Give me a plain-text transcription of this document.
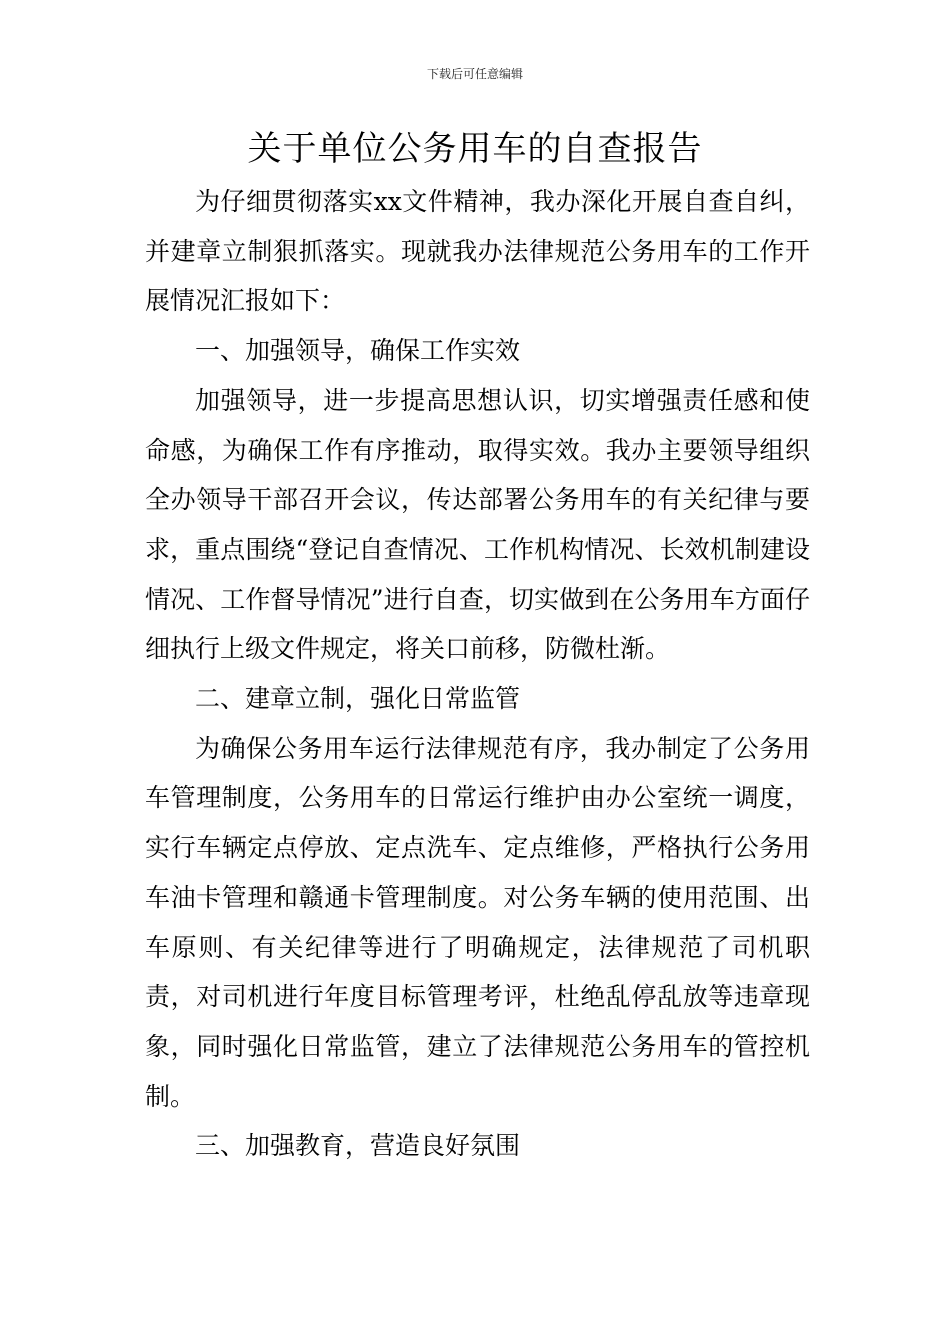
下载后可任意编辑
关于单位公务用车的自查报告

为仔细贯彻落实xx文件精神，我办深化开展自查自纠，并建章立制狠抓落实。现就我办法律规范公务用车的工作开展情况汇报如下：

一、加强领导，确保工作实效

加强领导，进一步提高思想认识，切实增强责任感和使命感，为确保工作有序推动，取得实效。我办主要领导组织全办领导干部召开会议，传达部署公务用车的有关纪律与要求，重点围绕“登记自查情况、工作机构情况、长效机制建设情况、工作督导情况”进行自查，切实做到在公务用车方面仔细执行上级文件规定，将关口前移，防微杜渐。

二、建章立制，强化日常监管

为确保公务用车运行法律规范有序，我办制定了公务用车管理制度，公务用车的日常运行维护由办公室统一调度，实行车辆定点停放、定点洗车、定点维修，严格执行公务用车油卡管理和赣通卡管理制度。对公务车辆的使用范围、出车原则、有关纪律等进行了明确规定，法律规范了司机职责，对司机进行年度目标管理考评，杜绝乱停乱放等违章现象，同时强化日常监管，建立了法律规范公务用车的管控机制。

三、加强教育，营造良好氛围
